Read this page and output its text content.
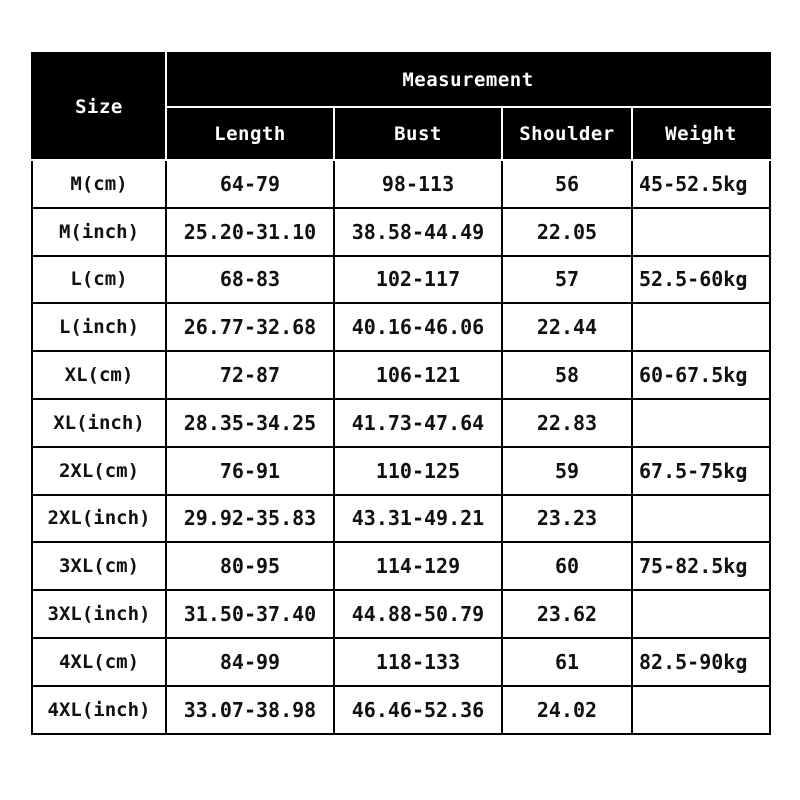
Size	Measurement			
	Length	Bust	Shoulder	Weight
M(cm)	64-79	98-113	56	45-52.5kg
M(inch)	25.20-31.10	38.58-44.49	22.05	
L(cm)	68-83	102-117	57	52.5-60kg
L(inch)	26.77-32.68	40.16-46.06	22.44	
XL(cm)	72-87	106-121	58	60-67.5kg
XL(inch)	28.35-34.25	41.73-47.64	22.83	
2XL(cm)	76-91	110-125	59	67.5-75kg
2XL(inch)	29.92-35.83	43.31-49.21	23.23	
3XL(cm)	80-95	114-129	60	75-82.5kg
3XL(inch)	31.50-37.40	44.88-50.79	23.62	
4XL(cm)	84-99	118-133	61	82.5-90kg
4XL(inch)	33.07-38.98	46.46-52.36	24.02	
